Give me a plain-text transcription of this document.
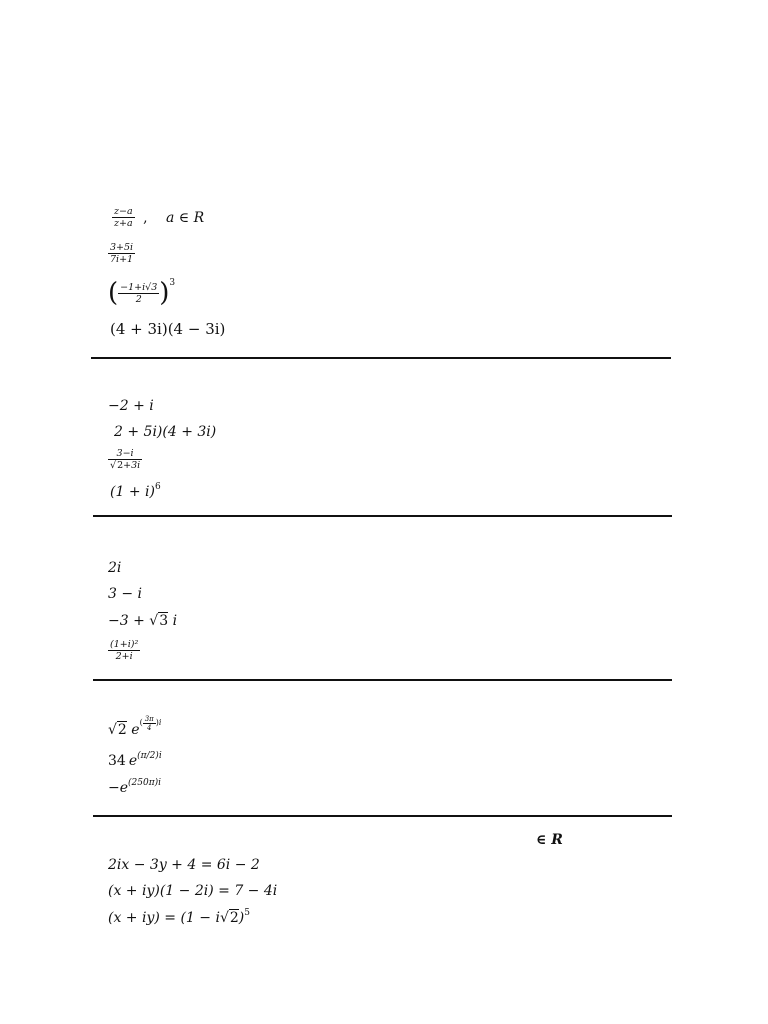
$\frac{z-a}{z+a}$ , a ∈ R
$\frac{3+5i}{7i+1}$
( $\frac{-1+i√3}{2} )^3$
(4 + 3i)(4 − 3i)
−2 + i
2 + 5i)(4 + 3i)
$\frac{3-i}{√2+3i}$
$(1 + i)^6$
2i
3 − i
−3 + √3 i
$\frac{\text{(1+i)²}}{2+i}$
√2 $e^{( \frac{3\pi}{4} )i}$
34 $e^{(\pi/2)i}$
$-e^{(250\pi)i}$
∈ R
2ix − 3y + 4 = 6i − 2
(x + iy)(1 − 2i) = 7 − 4i
$(x + iy) = (1 - i√2)^5$
